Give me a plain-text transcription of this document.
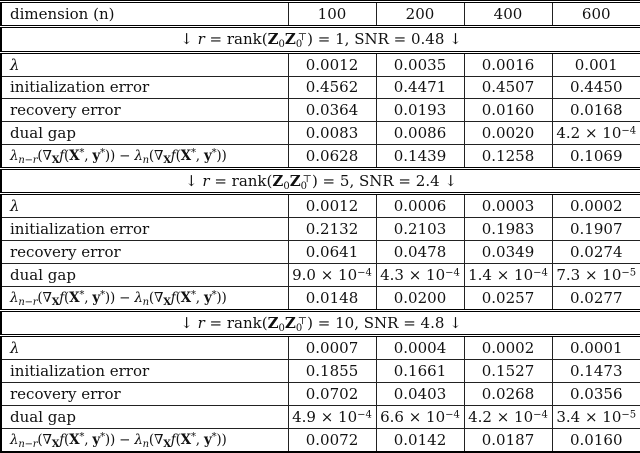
dimension (n)	100	200	400	600
↓ $r = rank(Z_0Z_0^⊤) = 1$, SNR = 0.48 ↓				
λ	0.0012	0.0035	0.0016	0.001
initialization error	0.4562	0.4471	0.4507	0.4450
recovery error	0.0364	0.0193	0.0160	0.0168
dual gap	0.0083	0.0086	0.0020	$4.2 \times 10^{-4}$
$\lambda_{n-r}(\nabla_Xf(X^*$, $y^*)) - \lambda_n(\nabla_Xf(X^*$, y*))	0.0628	0.1439	0.1258	0.1069
↓ $r = rank(Z_0Z_0^⊤) = 5$, SNR = 2.4 ↓				
λ	0.0012	0.0006	0.0003	0.0002
initialization error	0.2132	0.2103	0.1983	0.1907
recovery error	0.0641	0.0478	0.0349	0.0274
dual gap	$9.0 \times 10^{-4}$	$4.3 \times 10^{-4}$	$1.4 \times 10^{-4}$	$7.3 \times 10^{-5}$
$\lambda_{n-r}(\nabla_Xf(X^*$, $y^*)) - \lambda_n(\nabla_Xf(X^*$, y*))	0.0148	0.0200	0.0257	0.0277
↓ $r = rank(Z_0Z_0^⊤) = 10$, SNR = 4.8 ↓				
λ	0.0007	0.0004	0.0002	0.0001
initialization error	0.1855	0.1661	0.1527	0.1473
recovery error	0.0702	0.0403	0.0268	0.0356
dual gap	$4.9 \times 10^{-4}$	$6.6 \times 10^{-4}$	$4.2 \times 10^{-4}$	$3.4 \times 10^{-5}$
$\lambda_{n-r}(\nabla_Xf(X^*$, $y^*)) - \lambda_n(\nabla_Xf(X^*$, y*))	0.0072	0.0142	0.0187	0.0160
